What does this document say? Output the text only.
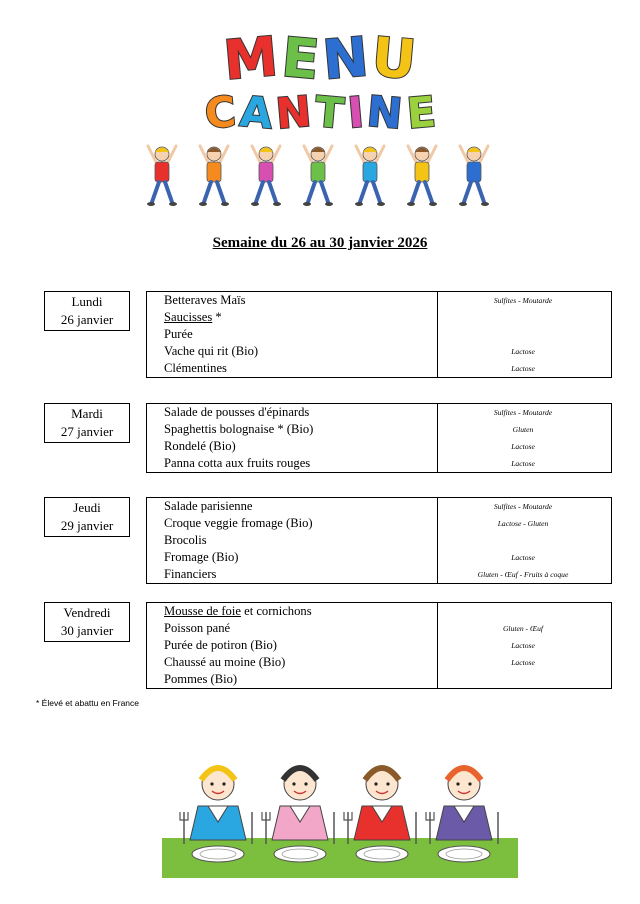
M
E
N
U
C A N T I N E
Semaine du 26 au 30 janvier 2026
Lundi
26 janvier
Betteraves Maïs	Sulfites - Moutarde
Saucisses *
Purée
Vache qui rit (Bio)	Lactose
Clémentines	Lactose
Mardi
27 janvier
Salade de pousses d'épinards	Sulfites - Moutarde
Spaghettis bolognaise * (Bio)	Gluten
Rondelé (Bio)	Lactose
Panna cotta aux fruits rouges	Lactose
Jeudi
29 janvier
Salade parisienne	Sulfites - Moutarde
Croque veggie fromage (Bio)	Lactose - Gluten
Brocolis
Fromage (Bio)	Lactose
Financiers	Gluten - Œuf - Fruits à coque
Vendredi
30 janvier
Mousse de foie et cornichons
Poisson pané	Gluten - Œuf
Purée de potiron (Bio)	Lactose
Chaussé au moine (Bio)	Lactose
Pommes (Bio)
* Élevé et abattu en France
